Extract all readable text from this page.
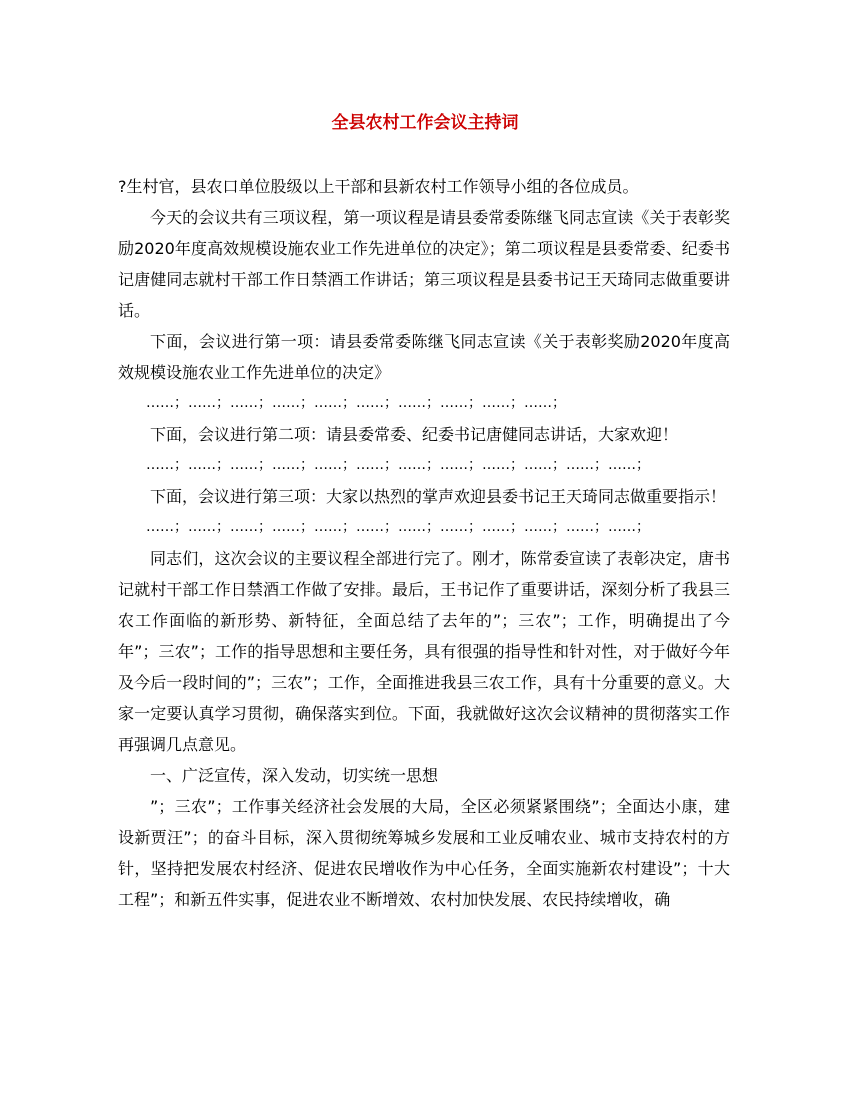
全县农村工作会议主持词

?生村官，县农口单位股级以上干部和县新农村工作领导小组的各位成员。

今天的会议共有三项议程，第一项议程是请县委常委陈继飞同志宣读《关于表彰奖励2020年度高效规模设施农业工作先进单位的决定》；第二项议程是县委常委、纪委书记唐健同志就村干部工作日禁酒工作讲话；第三项议程是县委书记王天琦同志做重要讲话。

下面，会议进行第一项：请县委常委陈继飞同志宣读《关于表彰奖励2020年度高效规模设施农业工作先进单位的决定》

……；……；……；……；……；……；……；……；……；……；

下面，会议进行第二项：请县委常委、纪委书记唐健同志讲话，大家欢迎！

……；……；……；……；……；……；……；……；……；……；……；……；

下面，会议进行第三项：大家以热烈的掌声欢迎县委书记王天琦同志做重要指示！

……；……；……；……；……；……；……；……；……；……；……；……；

同志们，这次会议的主要议程全部进行完了。刚才，陈常委宣读了表彰决定，唐书记就村干部工作日禁酒工作做了安排。最后，王书记作了重要讲话，深刻分析了我县三农工作面临的新形势、新特征，全面总结了去年的”；三农”；工作，明确提出了今年”；三农”；工作的指导思想和主要任务，具有很强的指导性和针对性，对于做好今年及今后一段时间的”；三农”；工作，全面推进我县三农工作，具有十分重要的意义。大家一定要认真学习贯彻，确保落实到位。下面，我就做好这次会议精神的贯彻落实工作再强调几点意见。

一、广泛宣传，深入发动，切实统一思想

”；三农”；工作事关经济社会发展的大局，全区必须紧紧围绕”；全面达小康，建设新贾汪”；的奋斗目标，深入贯彻统筹城乡发展和工业反哺农业、城市支持农村的方针，坚持把发展农村经济、促进农民增收作为中心任务，全面实施新农村建设”；十大工程”；和新五件实事，促进农业不断增效、农村加快发展、农民持续增收，确
